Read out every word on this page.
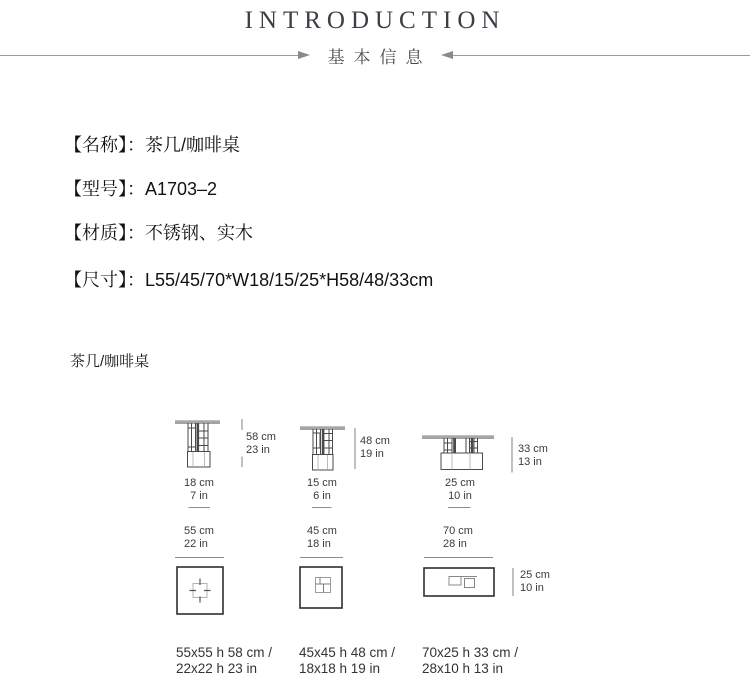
INTRODUCTION
基本信息
【名称】：茶几/咖啡桌
【型号】：A1703–2
【材质】：不锈钢、实木
【尺寸】：L55/45/70*W18/15/25*H58/48/33cm
茶几/咖啡桌
58 cm
23 in
18 cm
7 in
55 cm
22 in
55x55 h 58 cm /
22x22 h 23 in
48 cm
19 in
15 cm
6 in
45 cm
18 in
45x45 h 48 cm /
18x18 h 19 in
33 cm
13 in
25 cm
10 in
70 cm
28 in
25 cm
10 in
70x25 h 33 cm /
28x10 h 13 in
